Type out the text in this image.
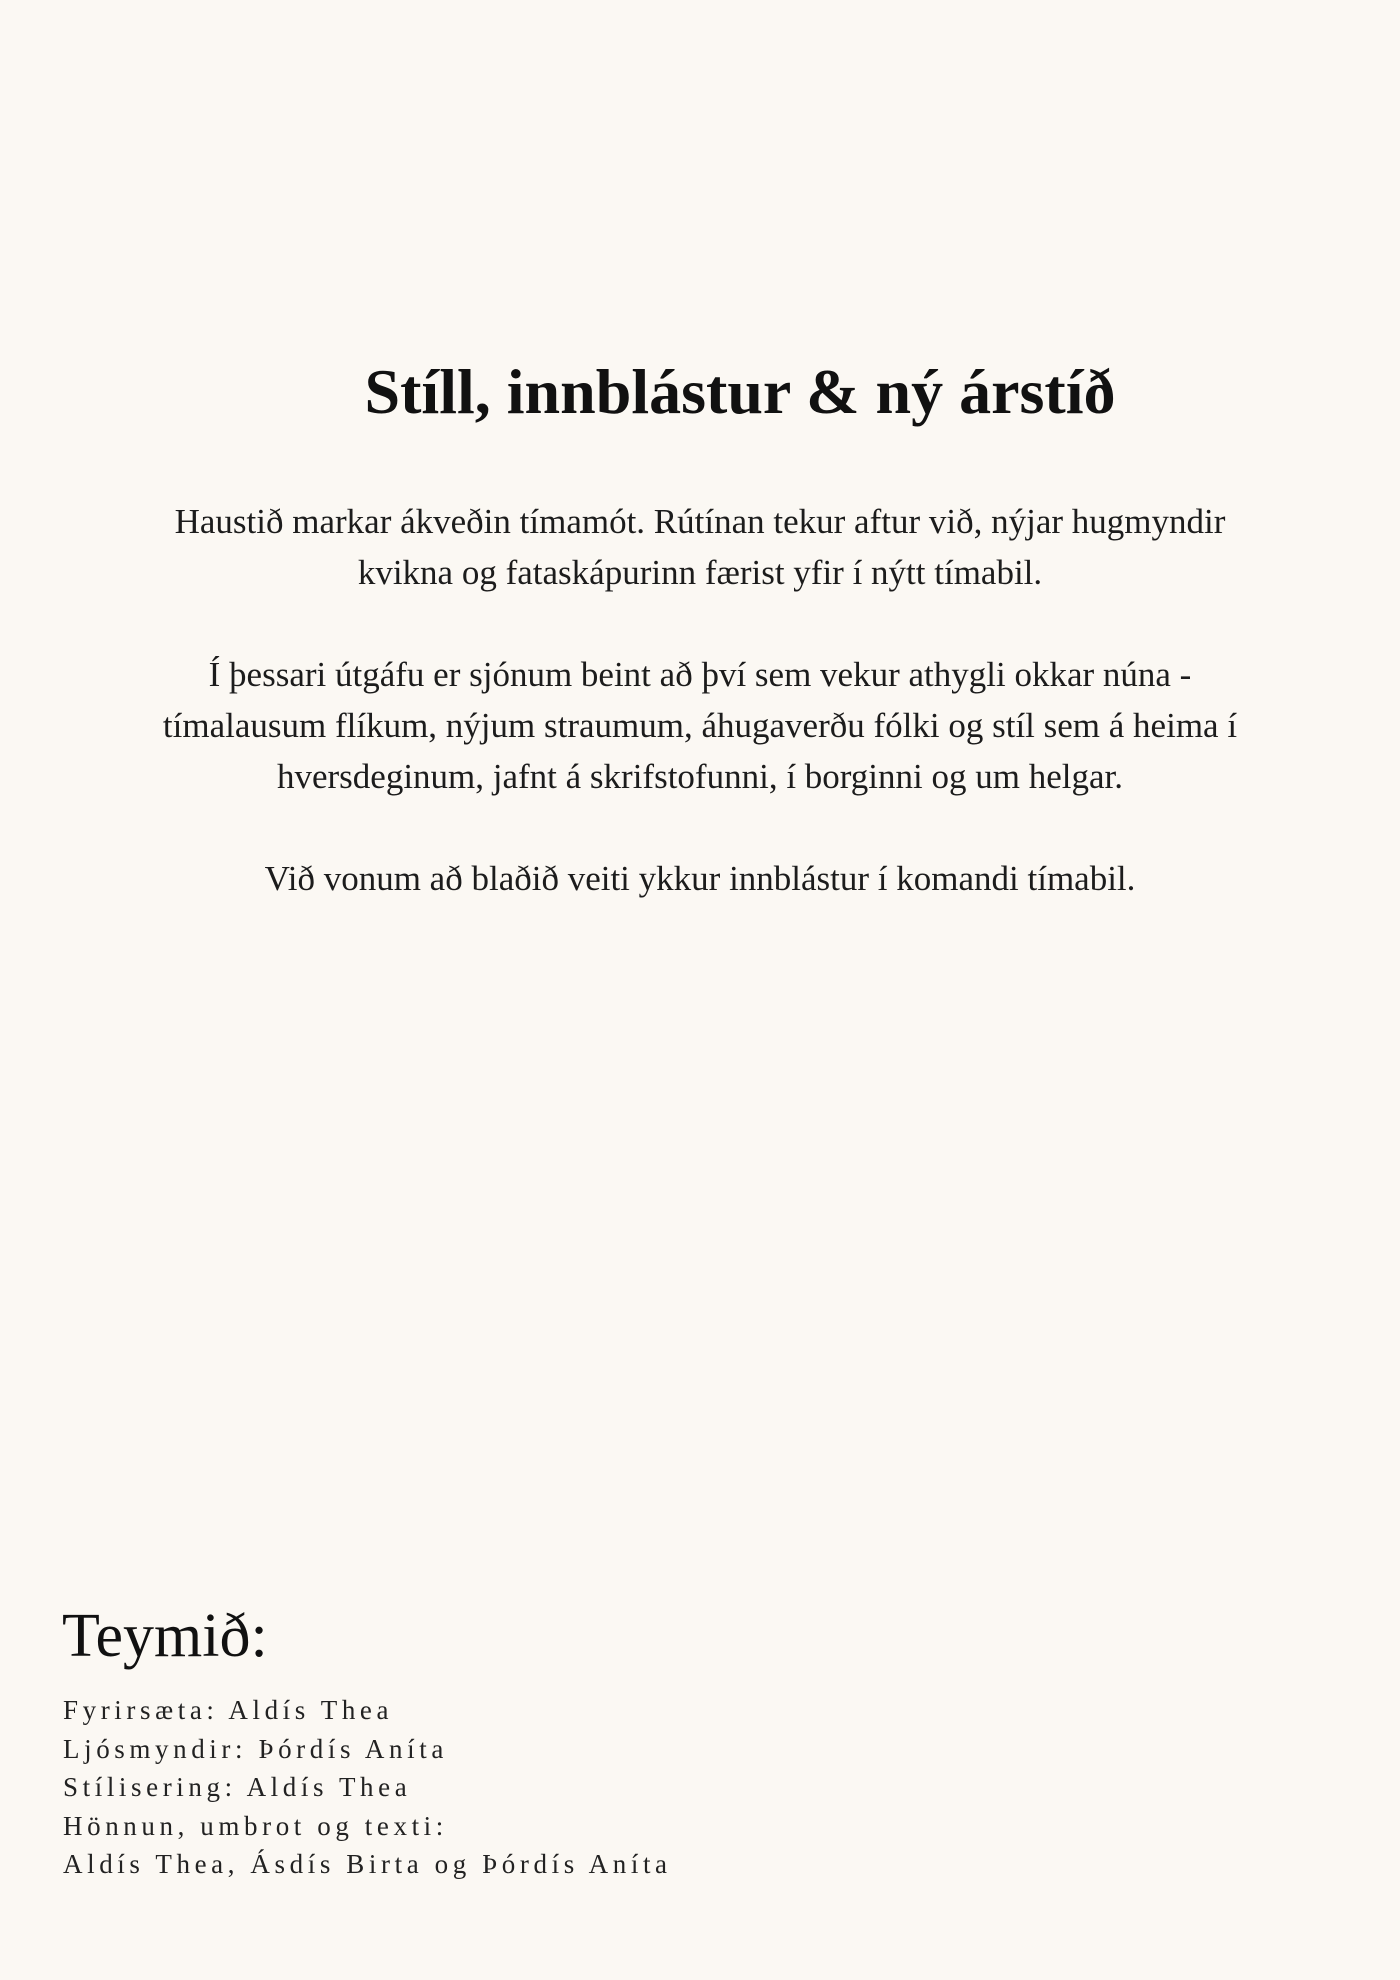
Stíll, innblástur & ný árstíð

Haustið markar ákveðin tímamót. Rútínan tekur aftur við, nýjar hugmyndir kvikna og fataskápurinn færist yfir í nýtt tímabil.

Í þessari útgáfu er sjónum beint að því sem vekur athygli okkar núna - tímalausum flíkum, nýjum straumum, áhugaverðu fólki og stíl sem á heima í hversdeginum, jafnt á skrifstofunni, í borginni og um helgar.

Við vonum að blaðið veiti ykkur innblástur í komandi tímabil.

Teymið:
Fyrirsæta: Aldís Thea
Ljósmyndir: Þórdís Aníta
Stílisering: Aldís Thea
Hönnun, umbrot og texti:
Aldís Thea, Ásdís Birta og Þórdís Aníta
